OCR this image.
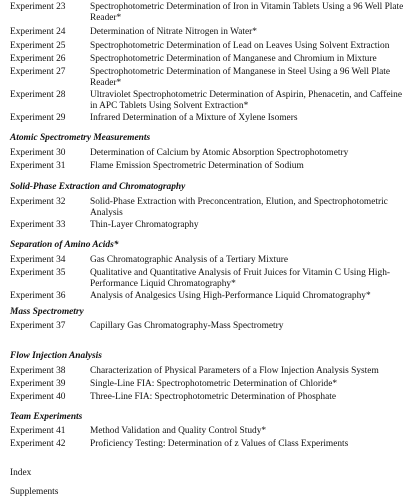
Experiment 23	Spectrophotometric Determination of Iron in Vitamin Tablets Using a 96 Well Plate Reader*
Experiment 24	Determination of Nitrate Nitrogen in Water*
Experiment 25	Spectrophotometric Determination of Lead on Leaves Using Solvent Extraction
Experiment 26	Spectrophotometric Determination of Manganese and Chromium in Mixture
Experiment 27	Spectrophotometric Determination of Manganese in Steel Using a 96 Well Plate Reader*
Experiment 28	Ultraviolet Spectrophotometric Determination of Aspirin, Phenacetin, and Caffeine in APC Tablets Using Solvent Extraction*
Experiment 29	Infrared Determination of a Mixture of Xylene Isomers
Atomic Spectrometry Measurements
Experiment 30	Determination of Calcium by Atomic Absorption Spectrophotometry
Experiment 31	Flame Emission Spectrometric Determination of Sodium
Solid-Phase Extraction and Chromatography
Experiment 32	Solid-Phase Extraction with Preconcentration, Elution, and Spectrophotometric Analysis
Experiment 33	Thin-Layer Chromatography
Separation of Amino Acids*
Experiment 34	Gas Chromatographic Analysis of a Tertiary Mixture
Experiment 35	Qualitative and Quantitative Analysis of Fruit Juices for Vitamin C Using High-Performance Liquid Chromatography*
Experiment 36	Analysis of Analgesics Using High-Performance Liquid Chromatography*
Mass Spectrometry
Experiment 37	Capillary Gas Chromatography-Mass Spectrometry
Flow Injection Analysis
Experiment 38	Characterization of Physical Parameters of a Flow Injection Analysis System
Experiment 39	Single-Line FIA: Spectrophotometric Determination of Chloride*
Experiment 40	Three-Line FIA: Spectrophotometric Determination of Phosphate
Team Experiments
Experiment 41	Method Validation and Quality Control Study*
Experiment 42	Proficiency Testing: Determination of z Values of Class Experiments
Index
Supplements
